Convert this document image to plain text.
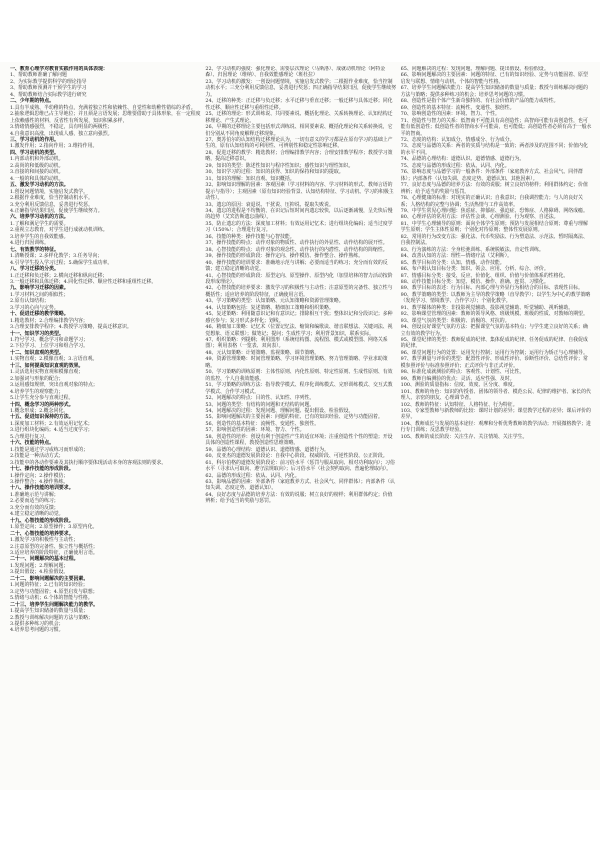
一、教育心理学对教育实践作用的具体表现：

1、帮助教师准确了解问题

2、为实际教学提供科学的理论指导

3、帮助教师预测并干预学生的学习

4、帮助教师结合实际教学进行研究

二、少年期的特点。

1.具有半成熟、半幼稚的特点，充满着独立性和依赖性、自觉性和幼稚性错综的矛盾。

2.抽象逻辑思维已占主导地位；并且须是言语发展；思维要借助于具体形象，在一定程度上依赖感性的材料，反省性有所发展，知识积累多样，

3.情绪情感强烈，不稳定，具有明显的两极性；

4.自我意识高涨，出现成人感，独立意向强烈。

三、学习动机的作用。

1.激发作用；2.指向作用；3.维持作用。

四、学习动机的类型。

1.内部动机和外部动机。

2.高尚的和低级的动机。

3.直接的和间接的动机。

4.一般的和具体的动机。

五、激发学习动机的方法。

1.创设问题情境，实施启发式教学。

2.根据作业难度，恰当控制动机水平。

3.充分利用反馈信息，妥善进行奖惩。

4.正确指导结果归因，促使学生继续努力。

六、培养学习动机的方法。

1.了解和满足学生的需要。

2.重视立志教育，对学生进行成就动机训练。

3.培养学生的自我效能感。

4.进行归因训练。

七、有效教学的特征。

1.清晰授课；2.多样化教学；3.任务导向；

4.引导学生投入学习过程；5.确保学生成功率。

八、学习迁移的分类。

1.正迁移和负迁移；2.横向迁移和纵向迁移；

3.一般迁移和具体迁移；4.同化性迁移、顺应性迁移和重组性迁移。

九、影响学习迁移的因素。

1.学习材料之间的相似性；

2.原有认知结构；

3.学习的心向与定势。

十、促进迁移的教学策略。

1.精选教材；2.合理编排教学内容；

3.合理安排教学程序；4.教授学习策略，提高迁移意识。

十一、知识学习的类型。

1.符号学习、概念学习和命题学习；

2.下位学习、上位学习和组合学习。

十二、知识直观的类型。

1.实物直观；2.模像直观；3.言语直观。

十三、如何提高知识直观的效果。

1.灵活选用实物直观和模像直观；

2.加强词与形象的配合；

3.运用感知规律，突出直观对象的特点；

4.培养学生的观察能力；

5.让学生充分参与直观过程。

十四、概念学习的两种形式。

1.概念形成；2.概念同化。

十五、促进知识保持的方法。

1.深度加工材料；2.有效运用记忆术；

3.进行组块化编码；4.适当过度学习；

5.合理进行复习。

十六、技能的特点。

1.技能是通过学习或练习而形成的；

2.技能是一种活动方式；

3.技能中的各动作要素及其执行顺序要体现活动本身的客观法则的要求。

十七、操作技能的形成阶段。

1.操作定向；2.操作模仿；

3.操作整合；4.操作熟练。

十八、操作技能的培训要求。

1.准确地示范与讲解；

2.必要而适当的练习；

3.充分而有效的反馈；

4.建立稳定清晰的动觉。

十九、心智技能的形成阶段。

1.原型定向；2.原型操作；3.原型内化。

二十、心智技能的培养要求。

1.激发学习的积极性与主动性；

2.注意原型的完备性、独立性与概括性；

3.适应培养的阶段特征，正确使用言语。

二十一、问题解决的基本过程。

1.发现问题；2.理解问题；

3.提出假设；4.检验假设。

二十二、影响问题解决的主要因素。

1.问题的特征；2.已有的知识经验；

3.定势与功能固着；4.原型启发与联想；

5.情绪与动机；6.个体的智能与性格。

二十三、培养学生问题解决能力的教学。

1.提高学生知识储备的数量与质量；

2.教授与训练解决问题的方法与策略；

3.提供多种练习的机会；

4.培养思考问题的习惯。

22、学习动机的强度：强化理论、需要层次理论（马斯洛）、成就动机理论（阿特金森）、归因理论（维纳）、自我效能感理论（班杜拉）

23、学习动机的激发：一创设问题情境，实施启发式教学；二根据作业难度，恰当控制动机水平；三充分利用反馈信息，妥善进行奖惩；四正确指导结果归因，促使学生继续努力。

24、迁移的种类：正迁移与负迁移；水平迁移与垂直迁移；一般迁移与具体迁移；同化性迁移、顺应性迁移与重组性迁移。

25、迁移的理论：形式训练说、共同要素说、概括化理论、关系转换理论、认知结构迁移理论、产生式理论。

26、早期的迁移理论主要包括形式训练说、相同要素说、概括化理论和关系转换说，它们分别从不同角度解释迁移现象。

27、奥苏伯尔的认知结构迁移理论认为，一切有意义的学习都是在原有学习的基础上产生的，原有认知结构的可利用性、可辨别性和稳定性影响迁移。

28、促进迁移的教学：精选教材；合理编排教学内容；合理安排教学程序；教授学习策略，提高迁移意识。

29、知识的类型：陈述性知识与程序性知识；感性知识与理性知识。

30、知识学习的过程：知识的获得、知识的保持和知识的提取。

31、知识的理解：知识直观、知识概括。

32、影响知识理解的因素：客观因素（学习材料的内容、学习材料的形式、教师言语的提示与指导）；主观因素（原有知识经验背景、认知结构特征、学习动机、学习的积极主动性）。

33、遗忘的原因：衰退说、干扰说、压抑说、提取失败说。

34、遗忘的进程是不均衡的，在识记后短时间内遗忘较快，以后逐渐减慢，呈先快后慢的趋势（艾宾浩斯遗忘曲线）。

35、防止遗忘的方法：深度加工材料；有效运用记忆术；进行组块化编码；适当过度学习（150%）；合理进行复习。

36、技能的种类：操作技能与心智技能。

37、操作技能的特点：动作对象的物质性、动作执行的外显性、动作结构的展开性。

38、心智技能的特点：动作对象的观念性、动作执行的内潜性、动作结构的简缩性。

39、操作技能的形成阶段：操作定向、操作模仿、操作整合、操作熟练。

40、操作技能的培训要求：准确地示范与讲解；必要而适当的练习；充分而有效的反馈；建立稳定清晰的动觉。

41、心智技能的形成阶段：原型定向、原型操作、原型内化（加里培林的智力活动按阶段形成理论）。

42、心智技能的培养要求：激发学习的积极性与主动性；注意原型的完备性、独立性与概括性；适应培养的阶段特征，正确使用言语。

43、学习策略的类型：认知策略、元认知策略和资源管理策略。

44、认知策略包括：复述策略、精细加工策略和组织策略。

45、复述策略：利用随意识记和有意识记；排除相互干扰；整体识记和分段识记；多种感官参与；复习形式多样化；划线。

46、精细加工策略：记忆术（位置记忆法、缩简和编歌诀、谐音联想法、关键词法、视觉想象、语义联想）；做笔记；提问；生成性学习；利用背景知识，联系实际。

47、组织策略：列提纲；利用图形（系统结构图、流程图、模式或模型图、网络关系图）；利用表格（一览表、双向表）。

48、元认知策略：计划策略、监视策略、调节策略。

49、资源管理策略：时间管理策略、学习环境管理策略、努力管理策略、学业求助策略。

50、学习策略的训练原则：主体性原则、内化性原则、特定性原则、生成性原则、有效的监控、个人自我效能感。

51、学习策略的训练方法：指导教学模式、程序化训练模式、完形训练模式、交互式教学模式、合作学习模式。

52、问题解决的特点：目的性、认知性、序列性。

53、问题的类型：有结构的问题和无结构的问题。

54、问题解决的过程：发现问题、理解问题、提出假设、检验假设。

55、影响问题解决的主要因素：问题的特征、已有的知识经验、定势与功能固着。

56、创造性的基本特征：流畅性、变通性、独创性。

57、影响创造性的因素：环境、智力、个性。

58、创造性的培养：创设有利于创造性产生的适宜环境；注重创造性个性的塑造；开设具体的创造性课程，教授创造性思维策略。

59、品德的心理结构：道德认识、道德情感、道德行为。

60、皮亚杰的道德发展阶段论：自我中心阶段、权威阶段、可逆性阶段、公正阶段。

61、科尔伯格的道德发展阶段论：前习俗水平（惩罚与服从取向、相对功利取向）；习俗水平（寻求认可取向、遵守法规取向）；后习俗水平（社会契约取向、普遍伦理取向）。

62、品德的形成过程：依从、认同、内化。

63、影响品德的因素：外部条件（家庭教养方式、社会风气、同伴群体）；内部条件（认知失调、态度定势、道德认知）。

64、良好态度与品德的培养方法：有效的说服；树立良好的榜样；利用群体约定；价值辨析；给予适当的奖励与惩罚。

65、问题解决的过程：发现问题、理解问题、提出假设、检验假设。

66、影响问题解决的主要因素：问题的特征、已有的知识经验、定势与功能固着、原型启发与联想、情绪与动机、个体的智能与性格。

67、培养学生问题解决能力：提高学生知识储备的数量与质量；教授与训练解决问题的方法与策略；提供多种练习的机会；培养思考问题的习惯。

68、创造性是指个体产生新奇独特的、有社会价值的产品的能力或特性。

69、创造性的基本特征：流畅性、变通性、独创性。

70、影响创造性的因素：环境、智力、个性。

71、创造性与智力的关系：低智商不可能具有高创造性；高智商可能有高创造性，也可能有低创造性；低创造性者的智商水平可能高，也可能低；高创造性者必须有高于一般水平的智商。

72、态度的结构：认知成分、情感成分、行为成分。

73、态度与品德的关系：两者的实质与结构是一致的；两者涉及的范围不同；价值内化的水平不同。

74、品德的心理结构：道德认识、道德情感、道德行为。

75、态度与品德的形成过程：依从、认同、内化。

76、影响态度与品德学习的一般条件：外部条件（家庭教养方式、社会风气、同伴群体）；内部条件（认知失调、态度定势、道德认知、其他因素）。

77、良好态度与品德的培养方法：有效的说服；树立良好的榜样；利用群体约定；价值辨析；给予适当的奖励与惩罚。

78、心理健康的标准：对现实的正确认识；自我意识；自我调控能力；与人的良好关系；人格结构的完整与协调；生活热情与工作高效率。

79、中学生常见心理问题：焦虑症、抑郁症、强迫症、恐怖症、人格障碍、网络成瘾。

80、心理评估的常用方法：评估性会谈、心理测验、行为观察、自述法。

81、中学生心理辅导的原则：面向全体学生原则；预防与发展相结合原则；尊重与理解学生原则；学生主体性原则；个别化对待原则；整体性发展原则。

82、常用的行为改变方法：强化法、代币奖励法、行为塑造法、示范法、暂时隔离法、自我控制法。

83、行为演练的方法：全身松弛训练、系统脱敏法、肯定性训练。

84、改善认知的方法：理性—情绪疗法（艾利斯）。

85、教学目标的分类：认知、情感、动作技能。

86、布卢姆认知目标分类：知识、领会、应用、分析、综合、评价。

87、情感目标分类：接受、反应、价值化、组织、价值与价值体系的性格化。

88、动作技能目标分类：知觉、模仿、操作、准确、连贯、习惯化。

89、教学目标的表述：行为目标、内部心理与外显行为相结合的目标、表现性目标。

90、教学策略的类型：以教师为主导的教学策略（直导教学）；以学生为中心的教学策略（发现学习、情境教学、合作学习）；个别化教学。

91、教学媒体的种类：非投影视觉辅助、投影视觉辅助、听觉辅助、视听辅助。

92、影响课堂管理的因素：教师的领导风格、班级规模、班级的性质、对教师的期望。

93、课堂气氛的类型：积极的、消极的、对抗的。

94、创设良好课堂气氛的方法：把握课堂气氛的基本特点；与学生建立良好的关系；确立有效的教学行为。

95、课堂纪律的类型：教师促成的纪律、集体促成的纪律、任务促成的纪律、自我促成的纪律。

96、课堂问题行为的处置：运用先行控制；运用行为控制；运用行为矫正与心理辅导。

97、教学测量与评价的类型：配置性评价、形成性评价、诊断性评价、总结性评价；常模参照评价与标准参照评价；正式评价与非正式评价。

98、标准化成就测验的特点：客观性、计划性、可比性。

99、教师自编测验的优点：灵活、适应性强、及时。

100、测验的质量指标：信度、效度、区分度、难度。

101、教师的角色：知识的传授者、团体的领导者、模范公民、纪律的维护者、家长的代理人、亲密的朋友、心理调节者。

102、教师的特征：认知特征、人格特征、行为特征。

103、专家型教师与新教师的比较：课时计划的差异；课堂教学过程的差异；课后评价的差异。

104、教师成长与发展的基本途径：观摩和分析优秀教师的教学活动；开展微格教学；进行专门训练；反思教学经验。

105、教师的成长阶段：关注生存、关注情境、关注学生。
